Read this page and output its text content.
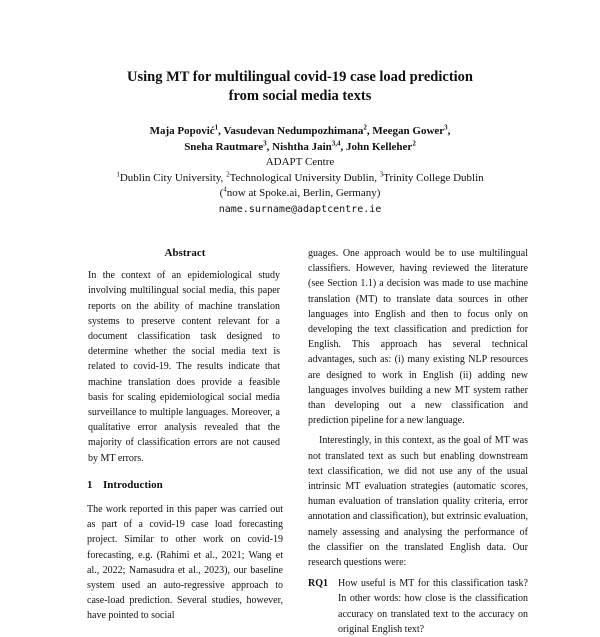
Using MT for multilingual covid-19 case load prediction
from social media texts
Maja Popović$^1$, Vasudevan Nedumpozhimana$^2$, Meegan Gower$^3$,
Sneha Rautmare$^3$, Nishtha Jain$^{3,4}$, John Kelleher$^2$
ADAPT Centre
$^1$Dublin City University, $^2$Technological University Dublin, $^3$Trinity College Dublin
($^4$now at Spoke.ai, Berlin, Germany)
name.surname@adaptcentre.ie
Abstract
In the context of an epidemiological study involving multilingual social media, this paper reports on the ability of machine translation systems to preserve content relevant for a document classification task designed to determine whether the social media text is related to covid-19. The results indicate that machine translation does provide a feasible basis for scaling epidemiological social media surveillance to multiple languages. Moreover, a qualitative error analysis revealed that the majority of classification errors are not caused by MT errors.
1 Introduction

The work reported in this paper was carried out as part of a covid-19 case load forecasting project. Similar to other work on covid-19 forecasting, e.g. (Rahimi et al., 2021; Wang et al., 2022; Namasudra et al., 2023), our baseline system used an auto-regressive approach to case-load prediction. Several studies, however, have pointed to social

guages. One approach would be to use multilingual classifiers. However, having reviewed the literature (see Section 1.1) a decision was made to use machine translation (MT) to translate data sources in other languages into English and then to focus only on developing the text classification and prediction for English. This approach has several technical advantages, such as: (i) many existing NLP resources are designed to work in English (ii) adding new languages involves building a new MT system rather than developing out a new classification and prediction pipeline for a new language.

Interestingly, in this context, as the goal of MT was not translated text as such but enabling downstream text classification, we did not use any of the usual intrinsic MT evaluation strategies (automatic scores, human evaluation of translation quality criteria, error annotation and classification), but extrinsic evaluation, namely assessing and analysing the performance of the classifier on the translated English data. Our research questions were:

RQ1	How useful is MT for this classification task? In other words: how close is the classification accuracy on translated text to the accuracy on original English text?
